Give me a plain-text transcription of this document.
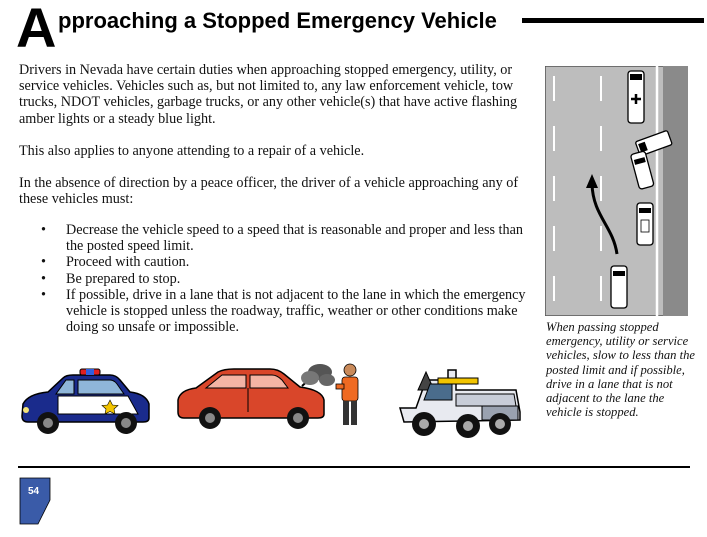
A pproaching a Stopped Emergency Vehicle
Drivers in Nevada have certain duties when approaching stopped emergency, utility, or service vehicles. Vehicles such as, but not limited to, any law enforcement vehicle, tow trucks, NDOT vehicles, garbage trucks, or any other vehicle(s) that have active flashing amber lights or a steady blue light.
This also applies to anyone attending to a repair of a vehicle.
In the absence of direction by a peace officer, the driver of a vehicle approaching any of these vehicles must:
• Decrease the vehicle speed to a speed that is reasonable and proper and less than the posted speed limit.
• Proceed with caution.
• Be prepared to stop.
• If possible, drive in a lane that is not adjacent to the lane in which the emergency vehicle is stopped unless the roadway, traffic, weather or other conditions make doing so unsafe or impossible.	When passing stopped emergency, utility or service vehicles, slow to less than the posted limit and if possible, drive in a lane that is not adjacent to the lane the vehicle is stopped.
54
